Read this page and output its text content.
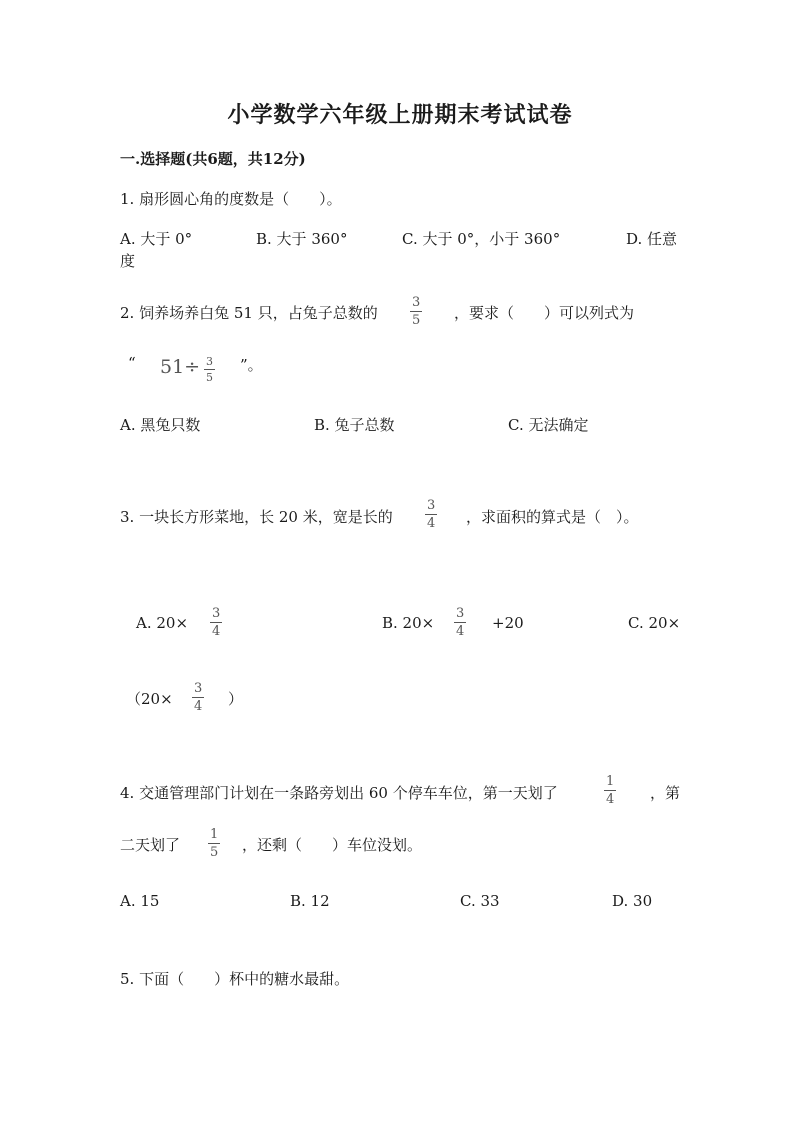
小学数学六年级上册期末考试试卷
一.选择题(共6题，共12分)
1. 扇形圆心角的度数是（　　）。
A. 大于 0°	B. 大于 360°	C. 大于 0°，小于 360°	D. 任意
度
2. 饲养场养白兔 51 只，占兔子总数的 $\frac{3}{5}$ ，要求（　　）可以列式为
“ $51\div \frac{3}{5}$ ”。
A. 黑兔只数	B. 兔子总数	C. 无法确定
3. 一块长方形菜地，长 20 米，宽是长的 $\frac{3}{4}$ ，求面积的算式是（　）。
A. $20\times \frac{3}{4}$	B. $20\times \frac{3}{4} +20$	C. 20×
（$20\times \frac{3}{4}$ ）
4. 交通管理部门计划在一条路旁划出 60 个停车车位，第一天划了	$\frac{1}{4}$ ，第
二天划了 $\frac{1}{5}$ ，还剩（　　）车位没划。
A. 15	B. 12	C. 33	D. 30
5. 下面（　　）杯中的糖水最甜。
